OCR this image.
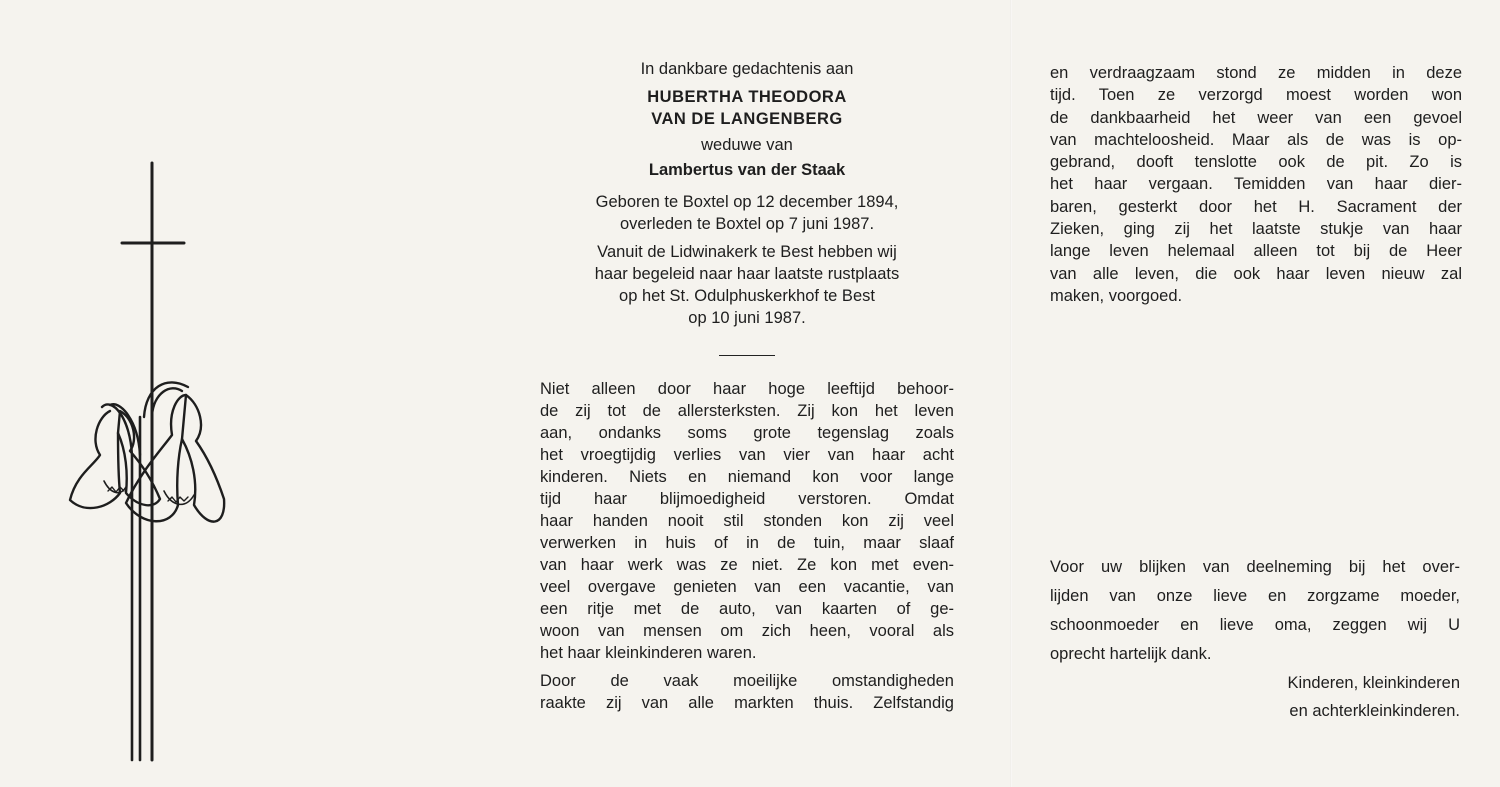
In dankbare gedachtenis aan

HUBERTHA THEODORA

VAN DE LANGENBERG

weduwe van

Lambertus van der Staak

Geboren te Boxtel op 12 december 1894,

overleden te Boxtel op 7 juni 1987.

Vanuit de Lidwinakerk te Best hebben wij

haar begeleid naar haar laatste rustplaats

op het St. Odulphuskerkhof te Best

op 10 juni 1987.

Niet alleen door haar hoge leeftijd behoor-
de zij tot de allersterksten. Zij kon het leven
aan, ondanks soms grote tegenslag zoals
het vroegtijdig verlies van vier van haar acht
kinderen. Niets en niemand kon voor lange
tijd haar blijmoedigheid verstoren. Omdat
haar handen nooit stil stonden kon zij veel
verwerken in huis of in de tuin, maar slaaf
van haar werk was ze niet. Ze kon met even-
veel overgave genieten van een vacantie, van
een ritje met de auto, van kaarten of ge-
woon van mensen om zich heen, vooral als
het haar kleinkinderen waren.
Door de vaak moeilijke omstandigheden
raakte zij van alle markten thuis. Zelfstandig
en verdraagzaam stond ze midden in deze
tijd. Toen ze verzorgd moest worden won
de dankbaarheid het weer van een gevoel
van machteloosheid. Maar als de was is op-
gebrand, dooft tenslotte ook de pit. Zo is
het haar vergaan. Temidden van haar dier-
baren, gesterkt door het H. Sacrament der
Zieken, ging zij het laatste stukje van haar
lange leven helemaal alleen tot bij de Heer
van alle leven, die ook haar leven nieuw zal
maken, voorgoed.
Voor uw blijken van deelneming bij het over-
lijden van onze lieve en zorgzame moeder,
schoonmoeder en lieve oma, zeggen wij U
oprecht hartelijk dank.
Kinderen, kleinkinderen
en achterkleinkinderen.
